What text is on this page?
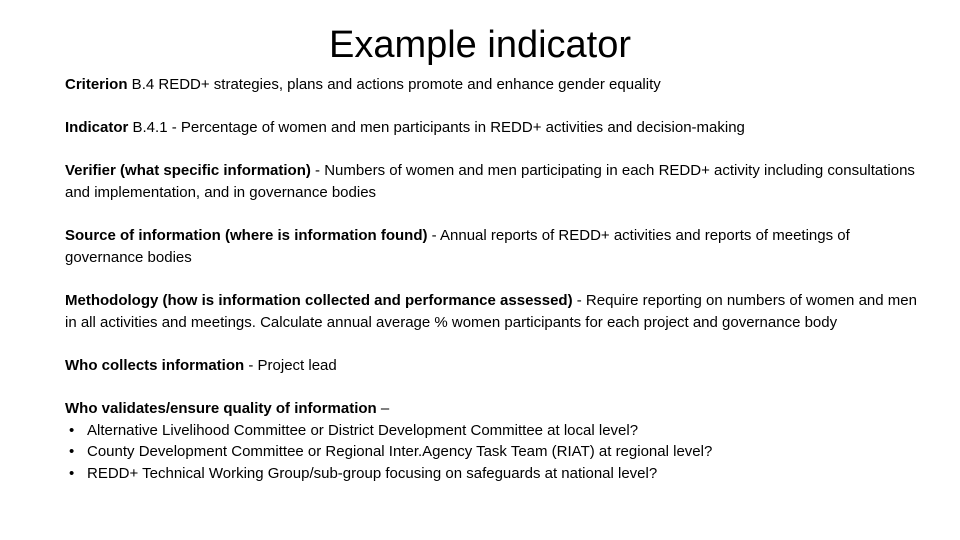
Example indicator

Criterion B.4 REDD+ strategies, plans and actions promote and enhance gender equality

Indicator B.4.1 - Percentage of women and men participants in REDD+ activities and decision-making

Verifier (what specific information) - Numbers of women and men participating in each REDD+ activity including consultations and implementation, and in governance bodies

Source of information (where is information found) - Annual reports of REDD+ activities and reports of meetings of governance bodies

Methodology (how is information collected and performance assessed) - Require reporting on numbers of women and men in all activities and meetings. Calculate annual average % women participants for each project and governance body

Who collects information - Project lead

Who validates/ensure quality of information –

• Alternative Livelihood Committee or District Development Committee at local level?
• County Development Committee or Regional Inter.Agency Task Team (RIAT) at regional level?
• REDD+ Technical Working Group/sub-group focusing on safeguards at national level?
